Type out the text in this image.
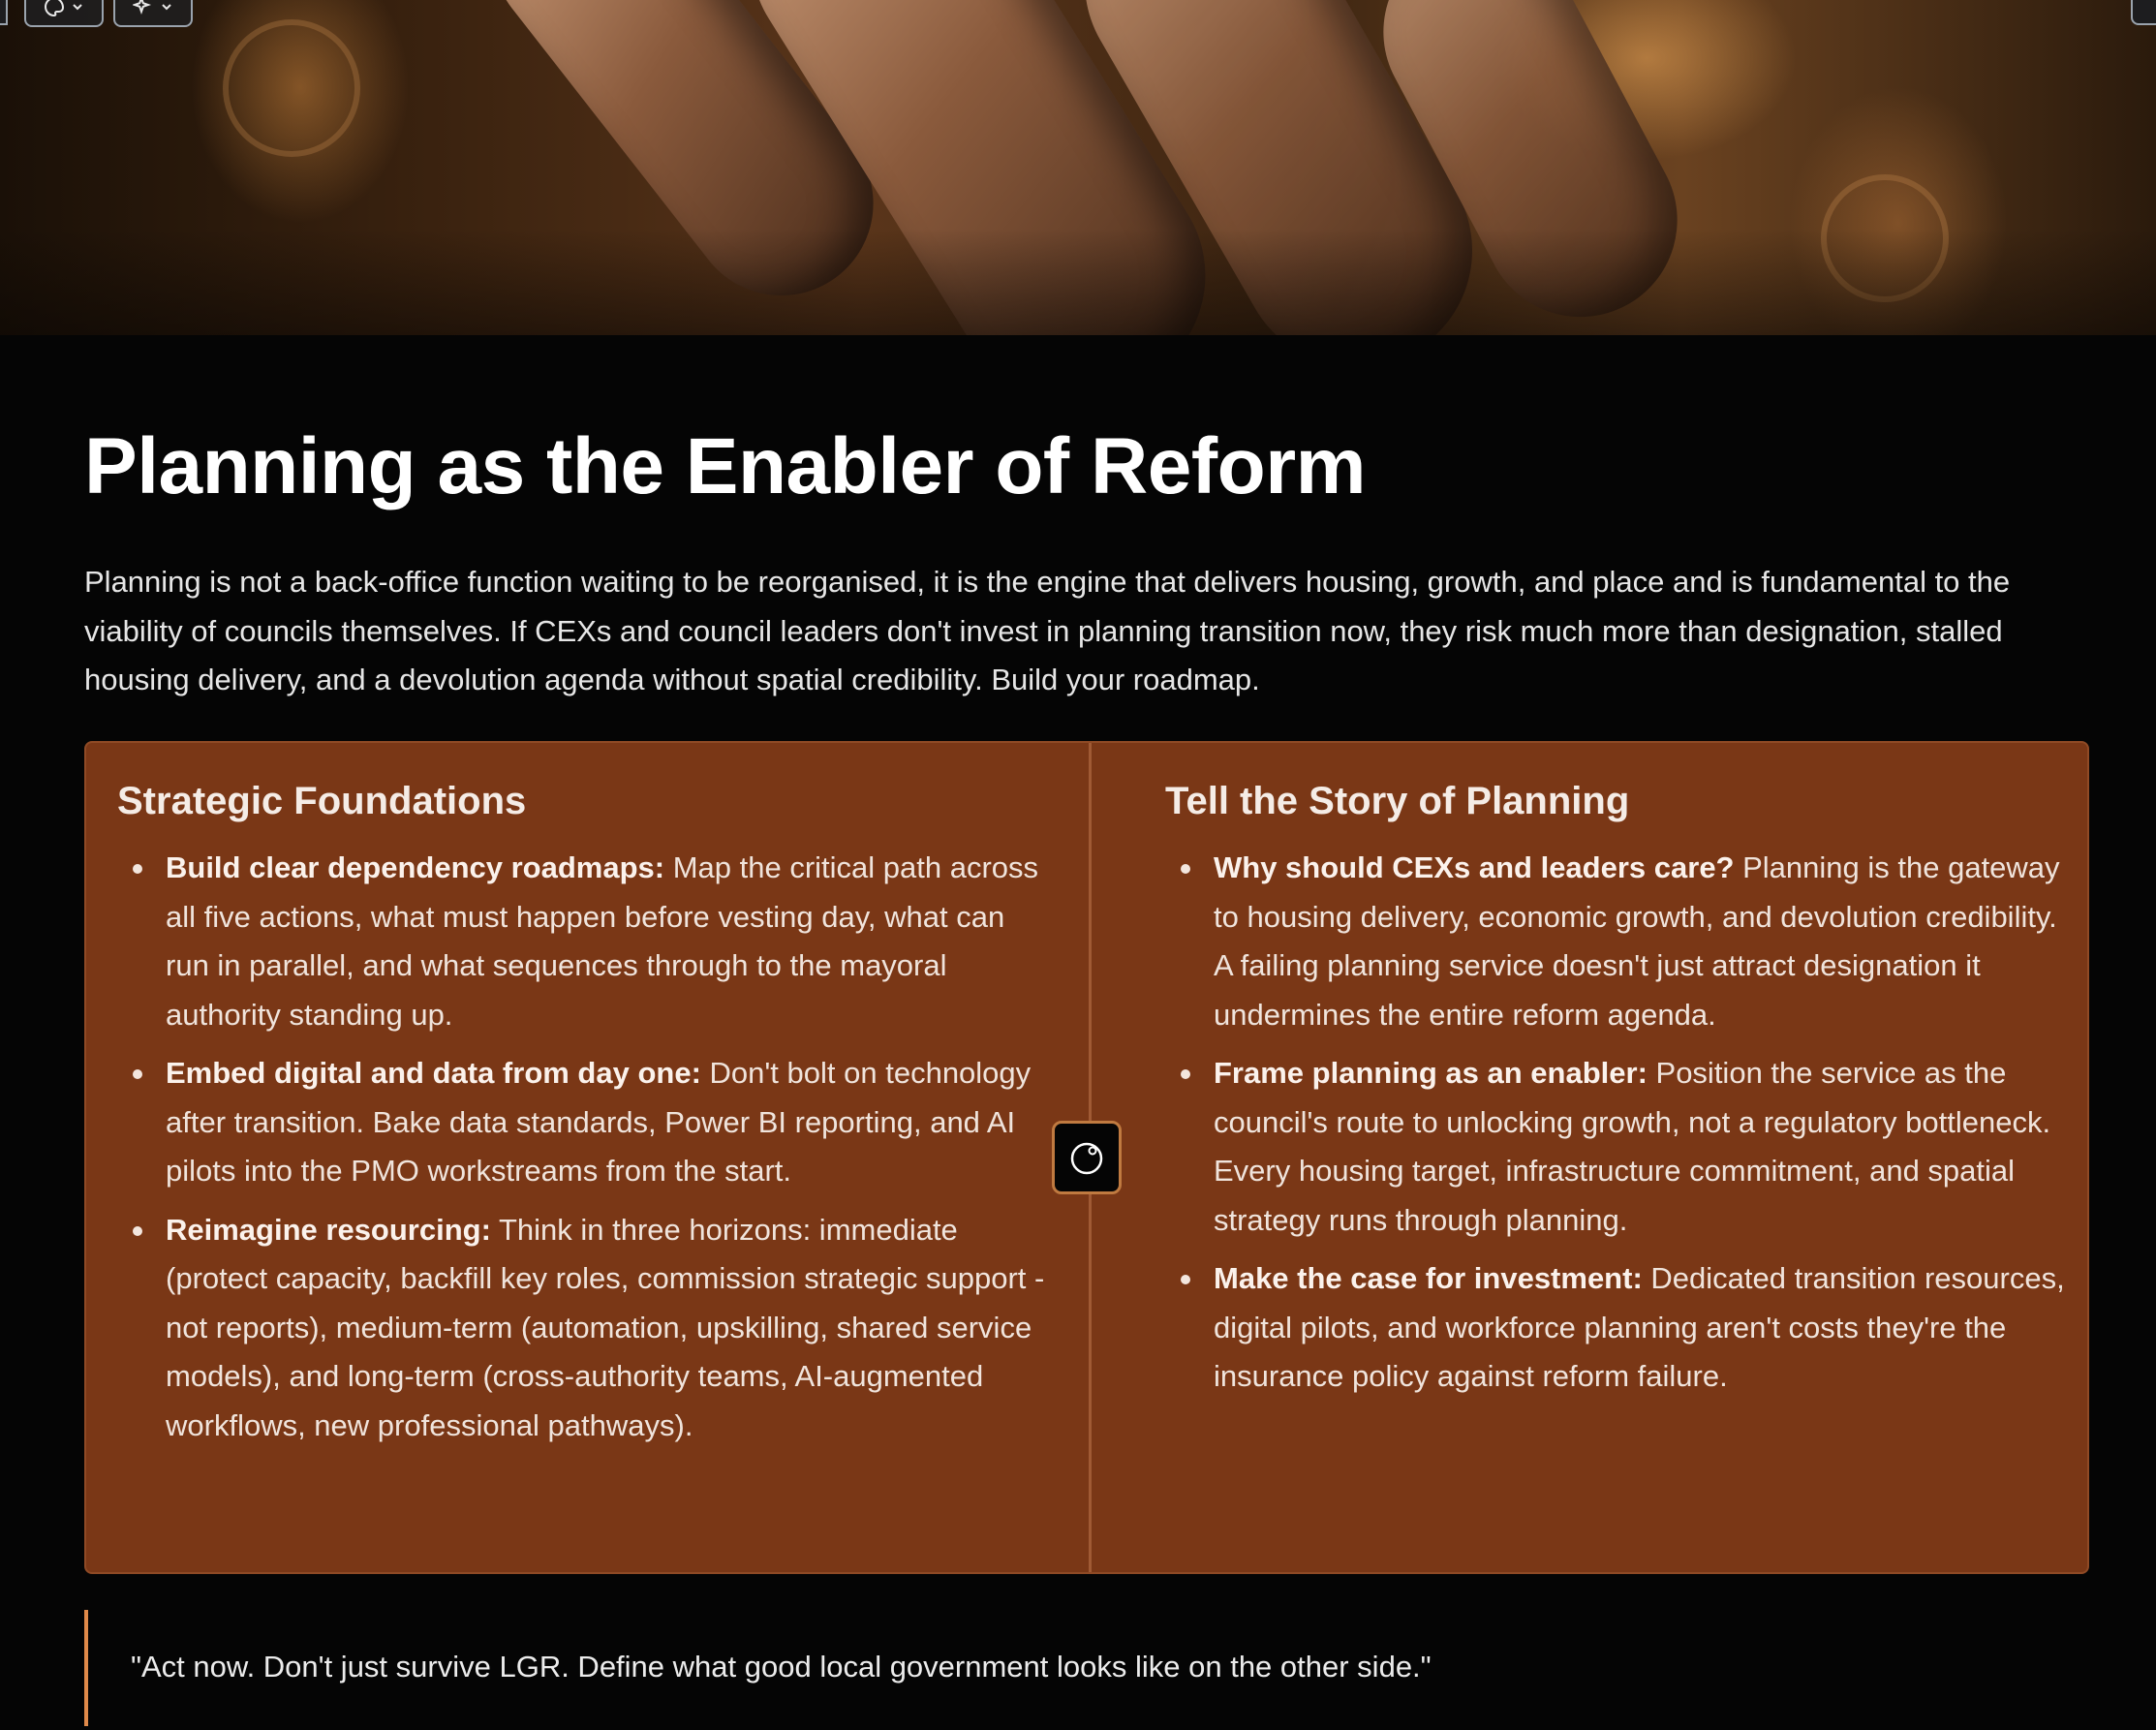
Planning as the Enabler of Reform

Planning is not a back-office function waiting to be reorganised, it is the engine that delivers housing, growth, and place and is fundamental to the viability of councils themselves. If CEXs and council leaders don't invest in planning transition now, they risk much more than designation, stalled housing delivery, and a devolution agenda without spatial credibility. Build your roadmap.

Strategic Foundations
Build clear dependency roadmaps: Map the critical path across all five actions, what must happen before vesting day, what can run in parallel, and what sequences through to the mayoral authority standing up.
Embed digital and data from day one: Don't bolt on technology after transition. Bake data standards, Power BI reporting, and AI pilots into the PMO workstreams from the start.
Reimagine resourcing: Think in three horizons: immediate (protect capacity, backfill key roles, commission strategic support - not reports), medium-term (automation, upskilling, shared service models), and long-term (cross-authority teams, AI-augmented workflows, new professional pathways).
Tell the Story of Planning
Why should CEXs and leaders care? Planning is the gateway to housing delivery, economic growth, and devolution credibility. A failing planning service doesn't just attract designation it undermines the entire reform agenda.
Frame planning as an enabler: Position the service as the council's route to unlocking growth, not a regulatory bottleneck. Every housing target, infrastructure commitment, and spatial strategy runs through planning.
Make the case for investment: Dedicated transition resources, digital pilots, and workforce planning aren't costs they're the insurance policy against reform failure.
"Act now. Don't just survive LGR. Define what good local government looks like on the other side."
